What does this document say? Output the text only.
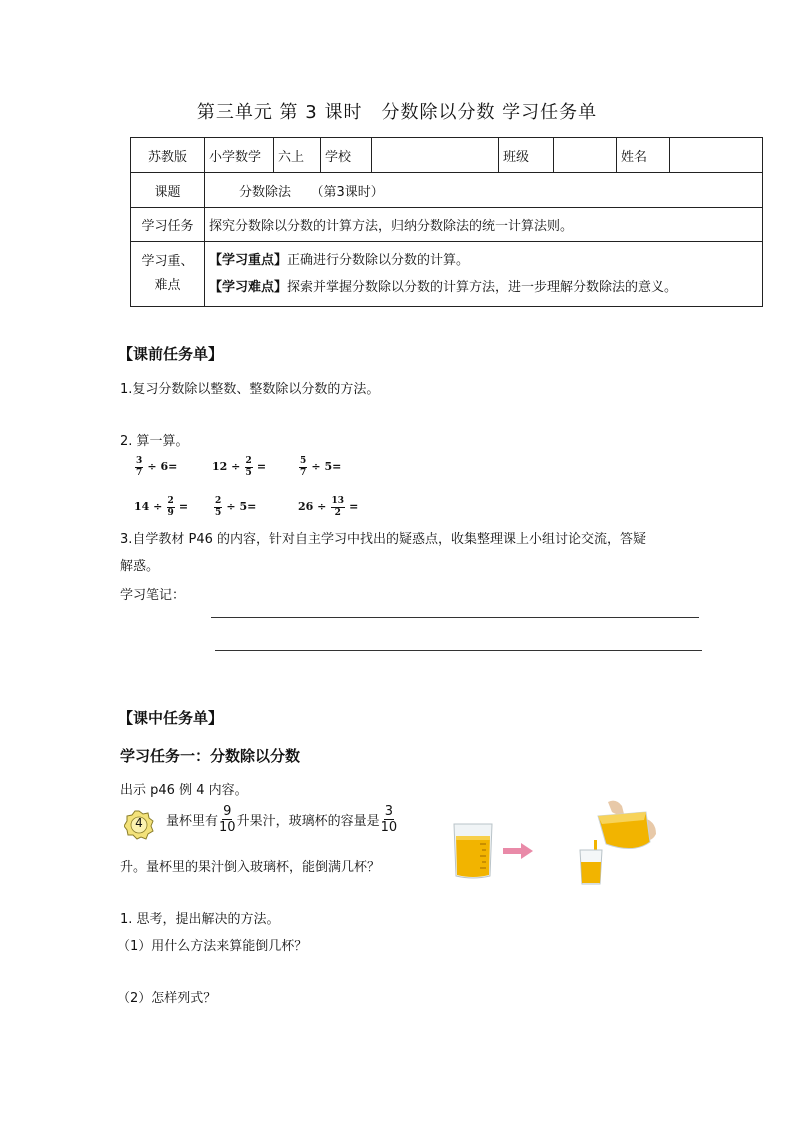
第三单元 第 3 课时　分数除以分数 学习任务单
苏教版	小学数学	六上	学校		班级		姓名	
课题	分数除法　　（第3课时）							
学习任务	探究分数除以分数的计算方法，归纳分数除法的统一计算法则。							
学习重、
难点	【学习重点】正确进行分数除以分数的计算。
【学习难点】探索并掌握分数除以分数的计算方法，进一步理解分数除法的意义。							
【课前任务单】
1.复习分数除以整数、整数除以分数的方法。
2. 算一算。
$\frac{3}{7} \div 6=$	$12 \div \frac{2}{5}$ =	$\frac{5}{7} \div 5=$
$14 \div \frac{2}{9}$ =	$\frac{2}{5} \div 5=$	$26 \div \frac{13}{2}$ =
3.自学教材 P46 的内容，针对自主学习中找出的疑惑点，收集整理课上小组讨论交流，答疑
解惑。
学习笔记：
【课中任务单】
学习任务一：分数除以分数
出示 p46 例 4 内容。
4	量杯里有 $\frac{9}{10}$ 升果汁，玻璃杯的容量是 $\frac{3}{10}$
升。量杯里的果汁倒入玻璃杯，能倒满几杯？
1. 思考，提出解决的方法。
（1）用什么方法来算能倒几杯？
（2）怎样列式？
